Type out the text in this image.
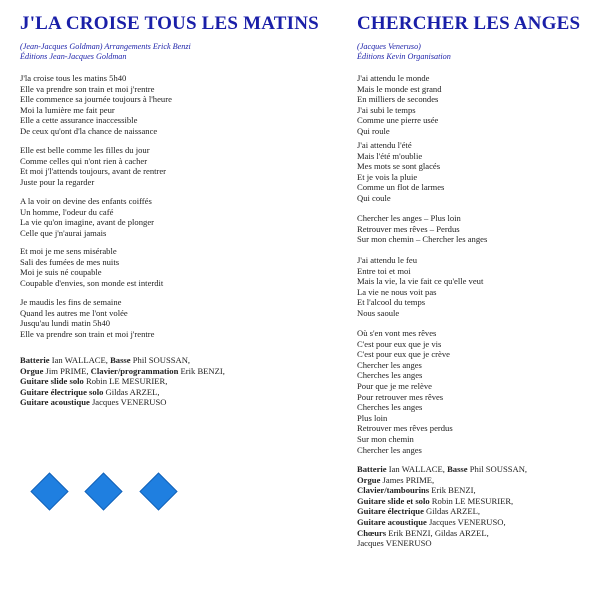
J'LA CROISE TOUS LES MATINS

(Jean-Jacques Goldman) Arrangements Erick Benzi

Éditions Jean-Jacques Goldman

J'la croise tous les matins 5h40
Elle va prendre son train et moi j'rentre
Elle commence sa journée toujours à l'heure
Moi la lumière me fait peur
Elle a cette assurance inaccessible
De ceux qu'ont d'la chance de naissance
Elle est belle comme les filles du jour
Comme celles qui n'ont rien à cacher
Et moi j'l'attends toujours, avant de rentrer
Juste pour la regarder
A la voir on devine des enfants coiffés
Un homme, l'odeur du café
La vie qu'on imagine, avant de plonger
Celle que j'n'aurai jamais
Et moi je me sens misérable
Sali des fumées de mes nuits
Moi je suis né coupable
Coupable d'envies, son monde est interdit
Je maudis les fins de semaine
Quand les autres me l'ont volée
Jusqu'au lundi matin 5h40
Elle va prendre son train et moi j'rentre
Batterie Ian WALLACE, Basse Phil SOUSSAN,
Orgue Jim PRIME, Clavier/programmation Erik BENZI,
Guitare slide solo Robin LE MESURIER,
Guitare électrique solo Gildas ARZEL,
Guitare acoustique Jacques VENERUSO
CHERCHER LES ANGES

(Jacques Veneruso)

Éditions Kevin Organisation

J'ai attendu le monde
Mais le monde est grand
En milliers de secondes
J'ai subi le temps
Comme une pierre usée
Qui roule
J'ai attendu l'été
Mais l'été m'oublie
Mes mots se sont glacés
Et je vois la pluie
Comme un flot de larmes
Qui coule
Chercher les anges – Plus loin
Retrouver mes rêves – Perdus
Sur mon chemin – Chercher les anges
J'ai attendu le feu
Entre toi et moi
Mais la vie, la vie fait ce qu'elle veut
La vie ne nous voit pas
Et l'alcool du temps
Nous saoule
Où s'en vont mes rêves
C'est pour eux que je vis
C'est pour eux que je crève
Chercher les anges
Cherches les anges
Pour que je me relève
Pour retrouver mes rêves
Cherches les anges
Plus loin
Retrouver mes rêves perdus
Sur mon chemin
Chercher les anges
Batterie Ian WALLACE, Basse Phil SOUSSAN,
Orgue James PRIME,
Clavier/tambourins Erik BENZI,
Guitare slide et solo Robin LE MESURIER,
Guitare électrique Gildas ARZEL,
Guitare acoustique Jacques VENERUSO,
Chœurs Erik BENZI, Gildas ARZEL,
Jacques VENERUSO
